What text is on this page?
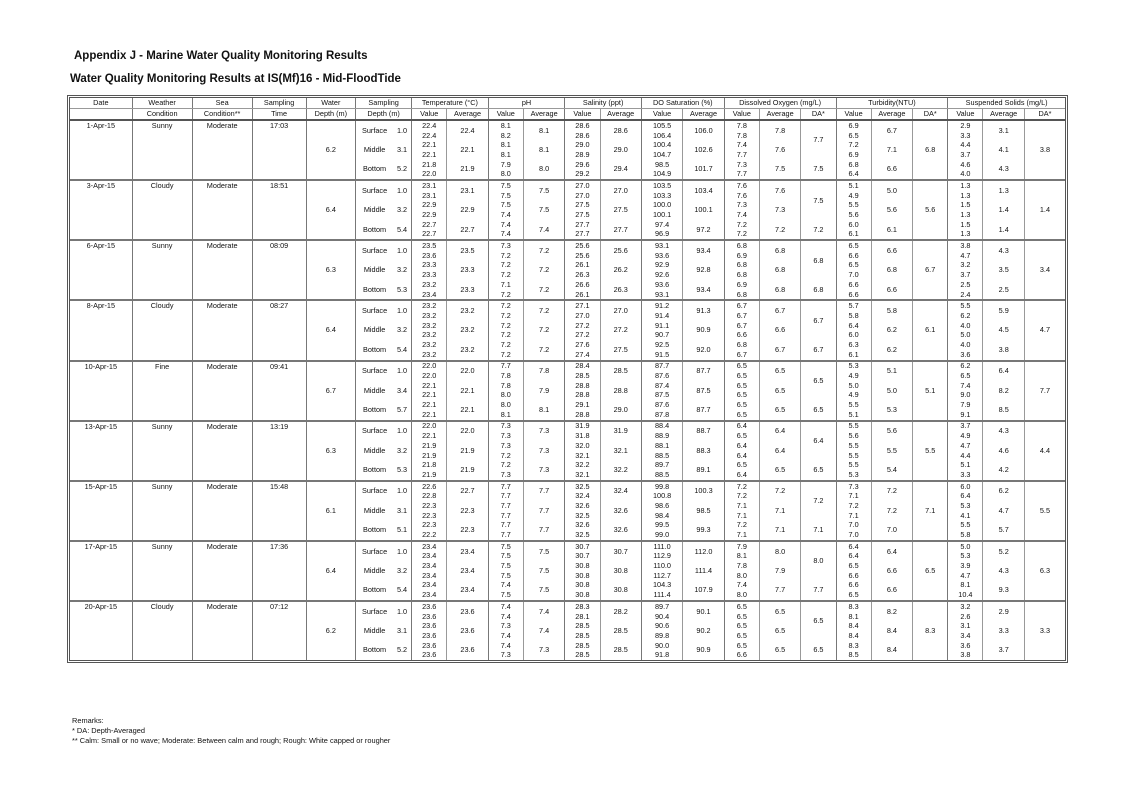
Appendix J - Marine Water Quality Monitoring Results
Water Quality Monitoring Results at IS(Mf)16 - Mid-FloodTide
Date	Weather	Sea	Sampling	Water	Sampling		Temperature (°C)		pH		Salinity (ppt)		DO Saturation (%)		Dissolved Oxygen (mg/L)			Turbidity(NTU)			Suspended Solids (mg/L)		
	Condition	Condition**	Time	Depth (m)	Depth (m)		Value	Average	Value	Average	Value	Average	Value	Average	Value	Average	DA*	Value	Average	DA*	Value	Average	DA*
1-Apr-15	Sunny	Moderate	17:03	6.2	Surface	1.0	22.4	22.4	8.1	8.1	28.6	28.6	105.5	106.0	7.8	7.8	7.7	6.9	6.7	6.8	2.9	3.1	3.8
							22.4		8.2		28.6		106.4		7.8			6.5			3.3		
					Middle	3.1	22.1	22.1	8.1	8.1	29.0	29.0	100.4	102.6	7.4	7.6		7.2	7.1		4.4	4.1	
							22.1		8.1		28.9		104.7		7.7			6.9			3.7		
					Bottom	5.2	21.8	21.9	7.9	8.0	29.6	29.4	98.5	101.7	7.3	7.5	7.5	6.8	6.6		4.6	4.3	
							22.0		8.0		29.2		104.9		7.7			6.4			4.0		
3-Apr-15	Cloudy	Moderate	18:51	6.4	Surface	1.0	23.1	23.1	7.5	7.5	27.0	27.0	103.5	103.4	7.6	7.6	7.5	5.1	5.0	5.6	1.3	1.3	1.4
							23.1		7.5		27.0		103.3		7.6			4.9			1.3		
					Middle	3.2	22.9	22.9	7.5	7.5	27.5	27.5	100.0	100.1	7.3	7.3		5.5	5.6		1.5	1.4	
							22.9		7.4		27.5		100.1		7.4			5.6			1.3		
					Bottom	5.4	22.7	22.7	7.4	7.4	27.7	27.7	97.4	97.2	7.2	7.2	7.2	6.0	6.1		1.5	1.4	
							22.7		7.4		27.7		96.9		7.2			6.1			1.3		
6-Apr-15	Sunny	Moderate	08:09	6.3	Surface	1.0	23.5	23.5	7.3	7.2	25.6	25.6	93.1	93.4	6.8	6.8	6.8	6.5	6.6	6.7	3.8	4.3	3.4
							23.6		7.2		25.6		93.6		6.9			6.6			4.7		
					Middle	3.2	23.3	23.3	7.2	7.2	26.1	26.2	92.9	92.8	6.8	6.8		6.5	6.8		3.2	3.5	
							23.3		7.2		26.3		92.6		6.8			7.0			3.7		
					Bottom	5.3	23.2	23.3	7.1	7.2	26.6	26.3	93.6	93.4	6.9	6.8	6.8	6.6	6.6		2.5	2.5	
							23.4		7.2		26.1		93.1		6.8			6.6			2.4		
8-Apr-15	Cloudy	Moderate	08:27	6.4	Surface	1.0	23.2	23.2	7.2	7.2	27.1	27.0	91.2	91.3	6.7	6.7	6.7	5.7	5.8	6.1	5.5	5.9	4.7
							23.2		7.2		27.0		91.4		6.7			5.8			6.2		
					Middle	3.2	23.2	23.2	7.2	7.2	27.2	27.2	91.1	90.9	6.7	6.6		6.4	6.2		4.0	4.5	
							23.2		7.2		27.2		90.7		6.6			6.0			5.0		
					Bottom	5.4	23.2	23.2	7.2	7.2	27.6	27.5	92.5	92.0	6.8	6.7	6.7	6.3	6.2		4.0	3.8	
							23.2		7.2		27.4		91.5		6.7			6.1			3.6		
10-Apr-15	Fine	Moderate	09:41	6.7	Surface	1.0	22.0	22.0	7.7	7.8	28.4	28.5	87.7	87.7	6.5	6.5	6.5	5.3	5.1	5.1	6.2	6.4	7.7
							22.0		7.8		28.5		87.6		6.5			4.9			6.5		
					Middle	3.4	22.1	22.1	7.8	7.9	28.8	28.8	87.4	87.5	6.5	6.5		5.0	5.0		7.4	8.2	
							22.1		8.0		28.8		87.5		6.5			4.9			9.0		
					Bottom	5.7	22.1	22.1	8.0	8.1	29.1	29.0	87.6	87.7	6.5	6.5	6.5	5.5	5.3		7.9	8.5	
							22.1		8.1		28.8		87.8		6.5			5.1			9.1		
13-Apr-15	Sunny	Moderate	13:19	6.3	Surface	1.0	22.0	22.0	7.3	7.3	31.9	31.9	88.4	88.7	6.4	6.4	6.4	5.5	5.6	5.5	3.7	4.3	4.4
							22.1		7.3		31.8		88.9		6.5			5.6			4.9		
					Middle	3.2	21.9	21.9	7.3	7.3	32.0	32.1	88.1	88.3	6.4	6.4		5.5	5.5		4.7	4.6	
							21.9		7.2		32.1		88.5		6.4			5.5			4.4		
					Bottom	5.3	21.8	21.9	7.2	7.3	32.2	32.2	89.7	89.1	6.5	6.5	6.5	5.5	5.4		5.1	4.2	
							21.9		7.3		32.1		88.5		6.4			5.3			3.3		
15-Apr-15	Sunny	Moderate	15:48	6.1	Surface	1.0	22.6	22.7	7.7	7.7	32.5	32.4	99.8	100.3	7.2	7.2	7.2	7.3	7.2	7.1	6.0	6.2	5.5
							22.8		7.7		32.4		100.8		7.2			7.1			6.4		
					Middle	3.1	22.3	22.3	7.7	7.7	32.6	32.6	98.6	98.5	7.1	7.1		7.2	7.2		5.3	4.7	
							22.3		7.7		32.5		98.4		7.1			7.1			4.1		
					Bottom	5.1	22.3	22.3	7.7	7.7	32.6	32.6	99.5	99.3	7.2	7.1	7.1	7.0	7.0		5.5	5.7	
							22.2		7.7		32.5		99.0		7.1			7.0			5.8		
17-Apr-15	Sunny	Moderate	17:36	6.4	Surface	1.0	23.4	23.4	7.5	7.5	30.7	30.7	111.0	112.0	7.9	8.0	8.0	6.4	6.4	6.5	5.0	5.2	6.3
							23.4		7.5		30.7		112.9		8.1			6.4			5.3		
					Middle	3.2	23.4	23.4	7.5	7.5	30.8	30.8	110.0	111.4	7.8	7.9		6.5	6.6		3.9	4.3	
							23.4		7.5		30.8		112.7		8.0			6.6			4.7		
					Bottom	5.4	23.4	23.4	7.4	7.5	30.8	30.8	104.3	107.9	7.4	7.7	7.7	6.6	6.6		8.1	9.3	
							23.4		7.5		30.8		111.4		8.0			6.5			10.4		
20-Apr-15	Cloudy	Moderate	07:12	6.2	Surface	1.0	23.6	23.6	7.4	7.4	28.3	28.2	89.7	90.1	6.5	6.5	6.5	8.3	8.2	8.3	3.2	2.9	3.3
							23.6		7.4		28.1		90.4		6.5			8.1			2.6		
					Middle	3.1	23.6	23.6	7.3	7.4	28.5	28.5	90.6	90.2	6.5	6.5		8.4	8.4		3.1	3.3	
							23.6		7.4		28.5		89.8		6.5			8.4			3.4		
					Bottom	5.2	23.6	23.6	7.4	7.3	28.5	28.5	90.0	90.9	6.5	6.5	6.5	8.3	8.4		3.6	3.7	
							23.6		7.3		28.5		91.8		6.6			8.5			3.8		
Remarks:
* DA: Depth-Averaged
** Calm: Small or no wave; Moderate: Between calm and rough; Rough: White capped or rougher
